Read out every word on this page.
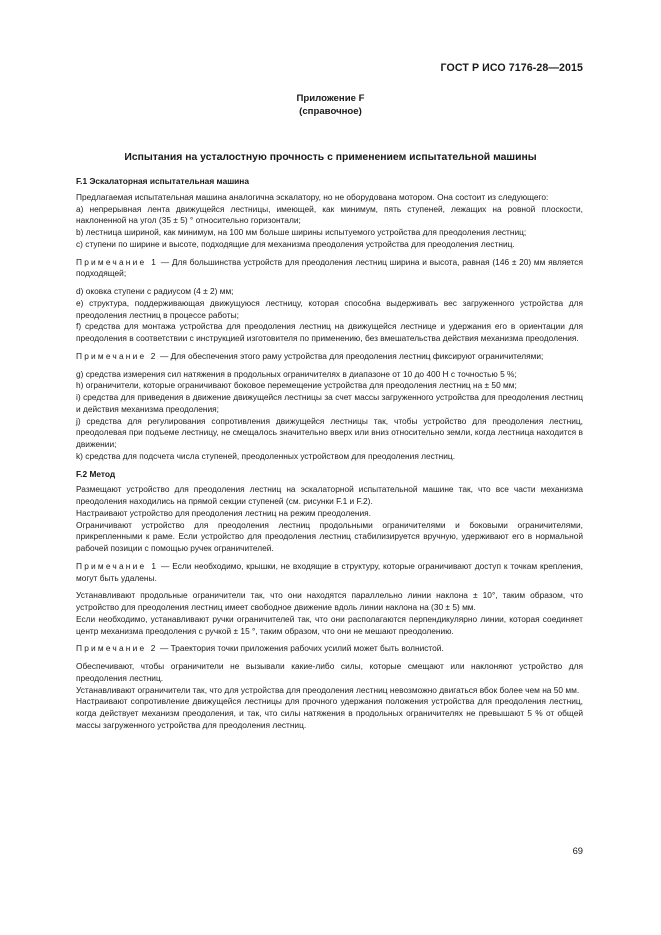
ГОСТ Р ИСО 7176-28—2015
Приложение F
(справочное)
Испытания на усталостную прочность с применением испытательной машины

F.1 Эскалаторная испытательная машина

Предлагаемая испытательная машина аналогична эскалатору, но не оборудована мотором. Она состоит из следующего:

a) непрерывная лента движущейся лестницы, имеющей, как минимум, пять ступеней, лежащих на ровной плоскости, наклоненной на угол (35 ± 5) ° относительно горизонтали;

b) лестница шириной, как минимум, на 100 мм больше ширины испытуемого устройства для преодоления лестниц;

c) ступени по ширине и высоте, подходящие для механизма преодоления устройства для преодоления лестниц.

Примечание 1 — Для большинства устройств для преодоления лестниц ширина и высота, равная (146 ± 20) мм является подходящей;

d) оковка ступени с радиусом (4 ± 2) мм;

e) структура, поддерживающая движущуюся лестницу, которая способна выдерживать вес загруженного устройства для преодоления лестниц в процессе работы;

f) средства для монтажа устройства для преодоления лестниц на движущейся лестнице и удержания его в ориентации для преодоления в соответствии с инструкцией изготовителя по применению, без вмешательства действия механизма преодоления.

Примечание 2 — Для обеспечения этого раму устройства для преодоления лестниц фиксируют ограничителями;

g) средства измерения сил натяжения в продольных ограничителях в диапазоне от 10 до 400 Н с точностью 5 %;

h) ограничители, которые ограничивают боковое перемещение устройства для преодоления лестниц на ± 50 мм;

i) средства для приведения в движение движущейся лестницы за счет массы загруженного устройства для преодоления лестниц и действия механизма преодоления;

j) средства для регулирования сопротивления движущейся лестницы так, чтобы устройство для преодоления лестниц, преодолевая при подъеме лестницу, не смещалось значительно вверх или вниз относительно земли, когда лестница находится в движении;

k) средства для подсчета числа ступеней, преодоленных устройством для преодоления лестниц.

F.2 Метод

Размещают устройство для преодоления лестниц на эскалаторной испытательной машине так, что все части механизма преодоления находились на прямой секции ступеней (см. рисунки F.1 и F.2).

Настраивают устройство для преодоления лестниц на режим преодоления.

Ограничивают устройство для преодоления лестниц продольными ограничителями и боковыми ограничителями, прикрепленными к раме. Если устройство для преодоления лестниц стабилизируется вручную, удерживают его в нормальной рабочей позиции с помощью ручек ограничителей.

Примечание 1 — Если необходимо, крышки, не входящие в структуру, которые ограничивают доступ к точкам крепления, могут быть удалены.

Устанавливают продольные ограничители так, что они находятся параллельно линии наклона ± 10°, таким образом, что устройство для преодоления лестниц имеет свободное движение вдоль линии наклона на (30 ± 5) мм.

Если необходимо, устанавливают ручки ограничителей так, что они располагаются перпендикулярно линии, которая соединяет центр механизма преодоления с ручкой ± 15 °, таким образом, что они не мешают преодолению.

Примечание 2 — Траектория точки приложения рабочих усилий может быть волнистой.

Обеспечивают, чтобы ограничители не вызывали какие-либо силы, которые смещают или наклоняют устройство для преодоления лестниц.

Устанавливают ограничители так, что для устройства для преодоления лестниц невозможно двигаться вбок более чем на 50 мм.

Настраивают сопротивление движущейся лестницы для прочного удержания положения устройства для преодоления лестниц, когда действует механизм преодоления, и так, что силы натяжения в продольных ограничителях не превышают 5 % от общей массы загруженного устройства для преодоления лестниц.

69
